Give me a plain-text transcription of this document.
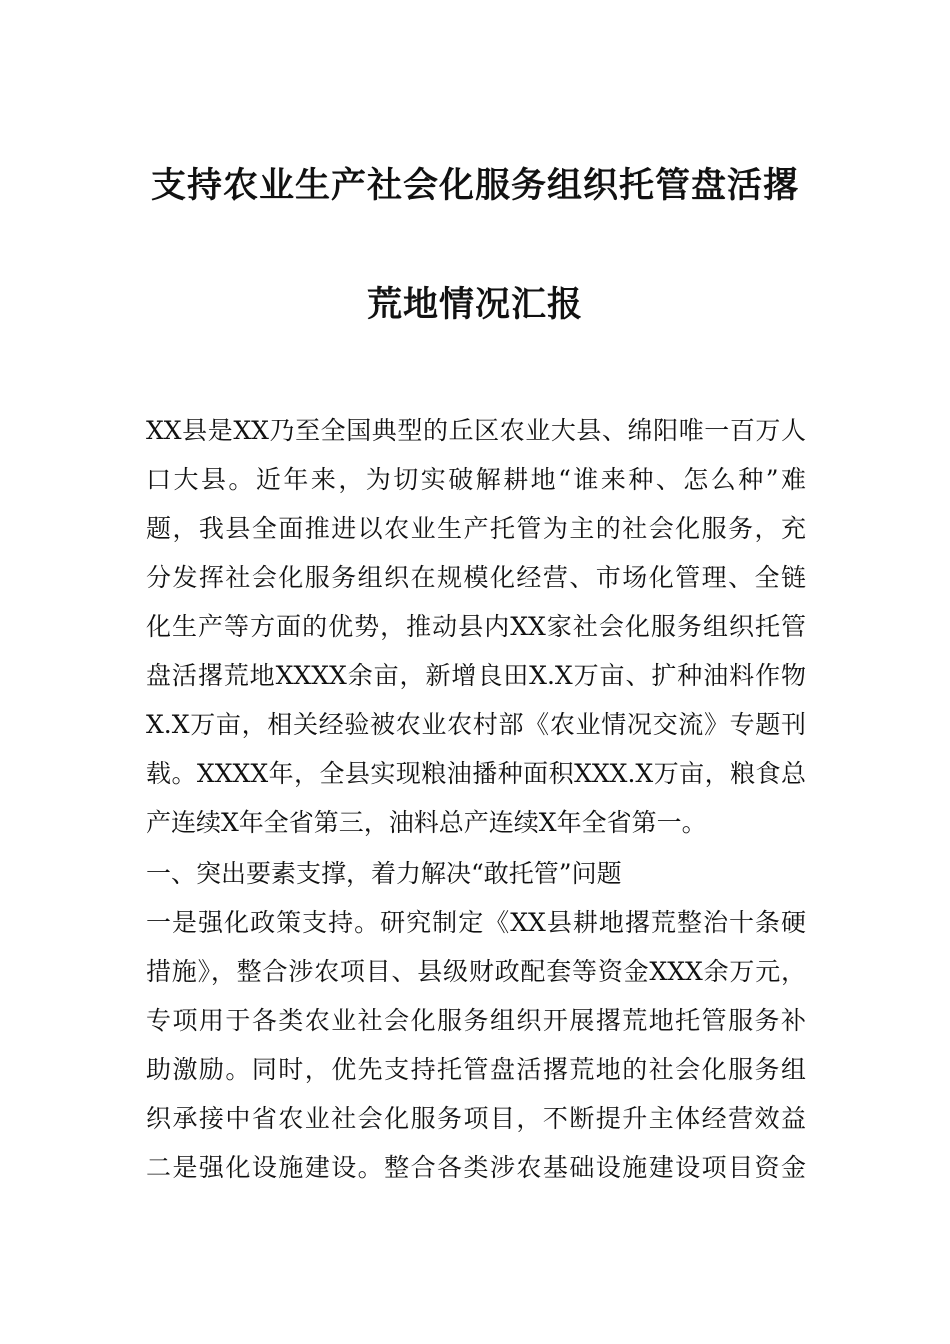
支持农业生产社会化服务组织托管盘活撂
荒地情况汇报
XX县是XX乃至全国典型的丘区农业大县、绵阳唯一百万人
口大县。近年来，为切实破解耕地“谁来种、怎么种”难
题，我县全面推进以农业生产托管为主的社会化服务，充
分发挥社会化服务组织在规模化经营、市场化管理、全链
化生产等方面的优势，推动县内XX家社会化服务组织托管
盘活撂荒地XXXX余亩，新增良田X.X万亩、扩种油料作物
X.X万亩，相关经验被农业农村部《农业情况交流》专题刊
载。XXXX年，全县实现粮油播种面积XXX.X万亩，粮食总
产连续X年全省第三，油料总产连续X年全省第一。
一、突出要素支撑，着力解决“敢托管”问题
一是强化政策支持。研究制定《XX县耕地撂荒整治十条硬
措施》，整合涉农项目、县级财政配套等资金XXX余万元，
专项用于各类农业社会化服务组织开展撂荒地托管服务补
助激励。同时，优先支持托管盘活撂荒地的社会化服务组
织承接中省农业社会化服务项目，不断提升主体经营效益
二是强化设施建设。整合各类涉农基础设施建设项目资金
